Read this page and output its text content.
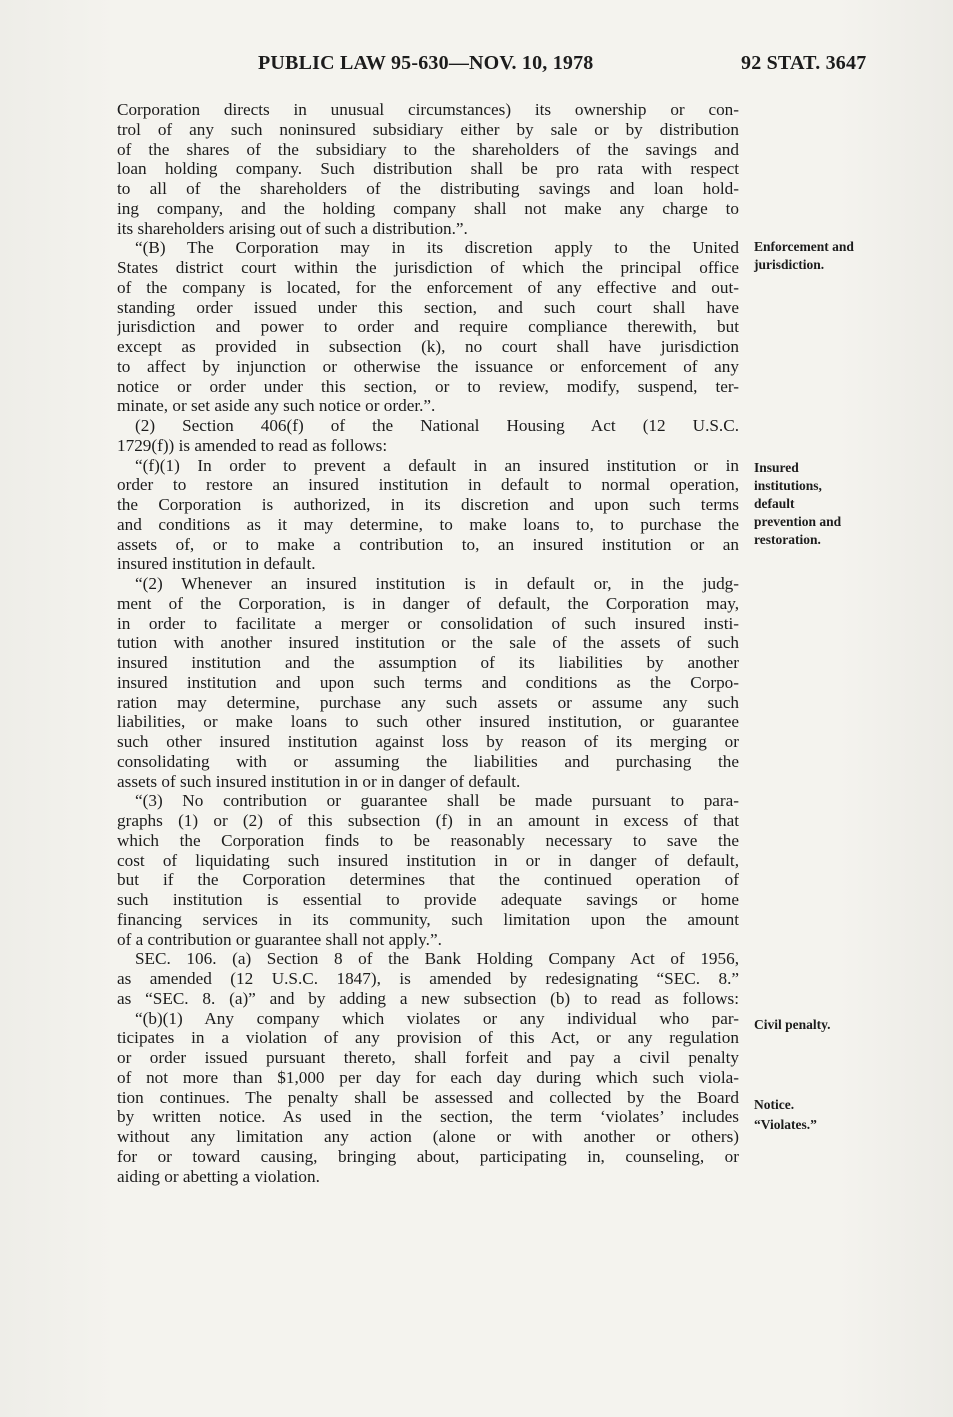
PUBLIC LAW 95-630—NOV. 10, 1978	92 STAT. 3647
Corporation directs in unusual circumstances) its ownership or con-
trol of any such noninsured subsidiary either by sale or by distribution
of the shares of the subsidiary to the shareholders of the savings and
loan holding company. Such distribution shall be pro rata with respect
to all of the shareholders of the distributing savings and loan hold-
ing company, and the holding company shall not make any charge to
its shareholders arising out of such a distribution.”.
“(B) The Corporation may in its discretion apply to the United
States district court within the jurisdiction of which the principal office
of the company is located, for the enforcement of any effective and out-
standing order issued under this section, and such court shall have
jurisdiction and power to order and require compliance therewith, but
except as provided in subsection (k), no court shall have jurisdiction
to affect by injunction or otherwise the issuance or enforcement of any
notice or order under this section, or to review, modify, suspend, ter-
minate, or set aside any such notice or order.”.
(2) Section 406(f) of the National Housing Act (12 U.S.C.
1729(f)) is amended to read as follows:
“(f)(1) In order to prevent a default in an insured institution or in
order to restore an insured institution in default to normal operation,
the Corporation is authorized, in its discretion and upon such terms
and conditions as it may determine, to make loans to, to purchase the
assets of, or to make a contribution to, an insured institution or an
insured institution in default.
“(2) Whenever an insured institution is in default or, in the judg-
ment of the Corporation, is in danger of default, the Corporation may,
in order to facilitate a merger or consolidation of such insured insti-
tution with another insured institution or the sale of the assets of such
insured institution and the assumption of its liabilities by another
insured institution and upon such terms and conditions as the Corpo-
ration may determine, purchase any such assets or assume any such
liabilities, or make loans to such other insured institution, or guarantee
such other insured institution against loss by reason of its merging or
consolidating with or assuming the liabilities and purchasing the
assets of such insured institution in or in danger of default.
“(3) No contribution or guarantee shall be made pursuant to para-
graphs (1) or (2) of this subsection (f) in an amount in excess of that
which the Corporation finds to be reasonably necessary to save the
cost of liquidating such insured institution in or in danger of default,
but if the Corporation determines that the continued operation of
such institution is essential to provide adequate savings or home
financing services in its community, such limitation upon the amount
of a contribution or guarantee shall not apply.”.
SEC. 106. (a) Section 8 of the Bank Holding Company Act of 1956,
as amended (12 U.S.C. 1847), is amended by redesignating “SEC. 8.”
as “SEC. 8. (a)” and by adding a new subsection (b) to read as follows:
“(b)(1) Any company which violates or any individual who par-
ticipates in a violation of any provision of this Act, or any regulation
or order issued pursuant thereto, shall forfeit and pay a civil penalty
of not more than $1,000 per day for each day during which such viola-
tion continues. The penalty shall be assessed and collected by the Board
by written notice. As used in the section, the term ‘violates’ includes
without any limitation any action (alone or with another or others)
for or toward causing, bringing about, participating in, counseling, or
aiding or abetting a violation.
Enforcement and
jurisdiction.
Insured
institutions,
default
prevention and
restoration.
Civil penalty.
Notice.
“Violates.”
